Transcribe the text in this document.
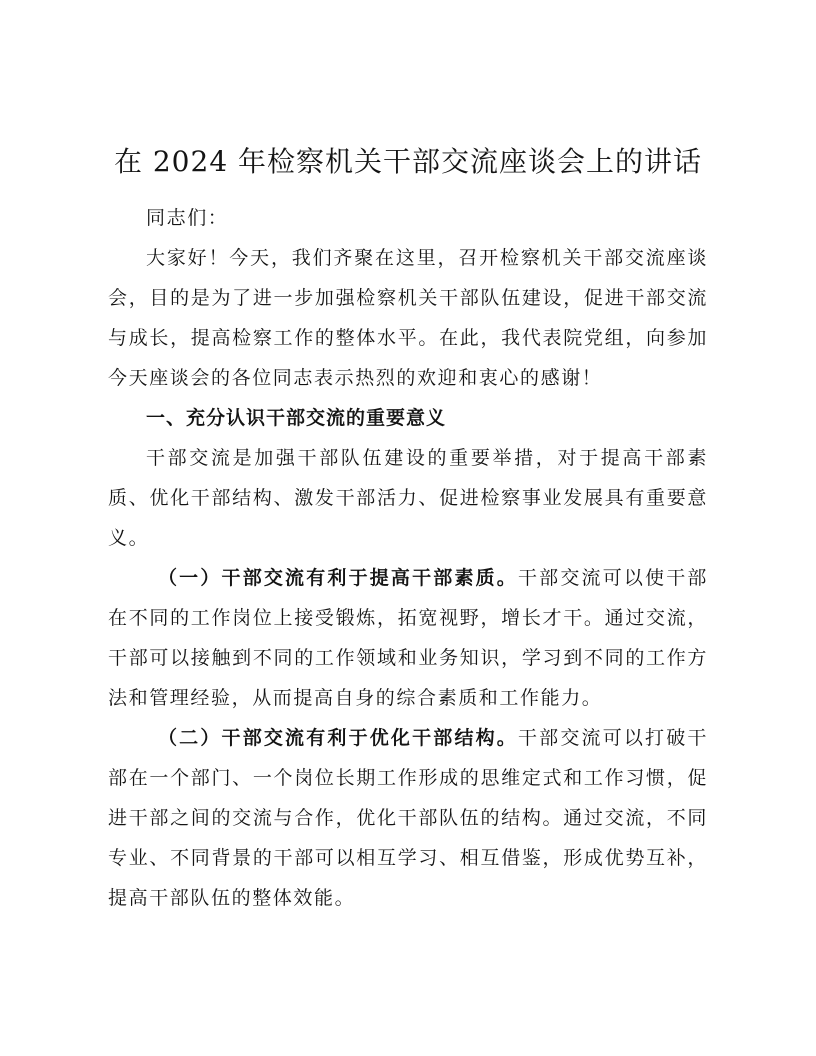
在 2024 年检察机关干部交流座谈会上的讲话

同志们：

大家好！今天，我们齐聚在这里，召开检察机关干部交流座谈会，目的是为了进一步加强检察机关干部队伍建设，促进干部交流与成长，提高检察工作的整体水平。在此，我代表院党组，向参加今天座谈会的各位同志表示热烈的欢迎和衷心的感谢！

一、充分认识干部交流的重要意义

干部交流是加强干部队伍建设的重要举措，对于提高干部素质、优化干部结构、激发干部活力、促进检察事业发展具有重要意义。

（一）干部交流有利于提高干部素质。干部交流可以使干部在不同的工作岗位上接受锻炼，拓宽视野，增长才干。通过交流，干部可以接触到不同的工作领域和业务知识，学习到不同的工作方法和管理经验，从而提高自身的综合素质和工作能力。

（二）干部交流有利于优化干部结构。干部交流可以打破干部在一个部门、一个岗位长期工作形成的思维定式和工作习惯，促进干部之间的交流与合作，优化干部队伍的结构。通过交流，不同专业、不同背景的干部可以相互学习、相互借鉴，形成优势互补，提高干部队伍的整体效能。
